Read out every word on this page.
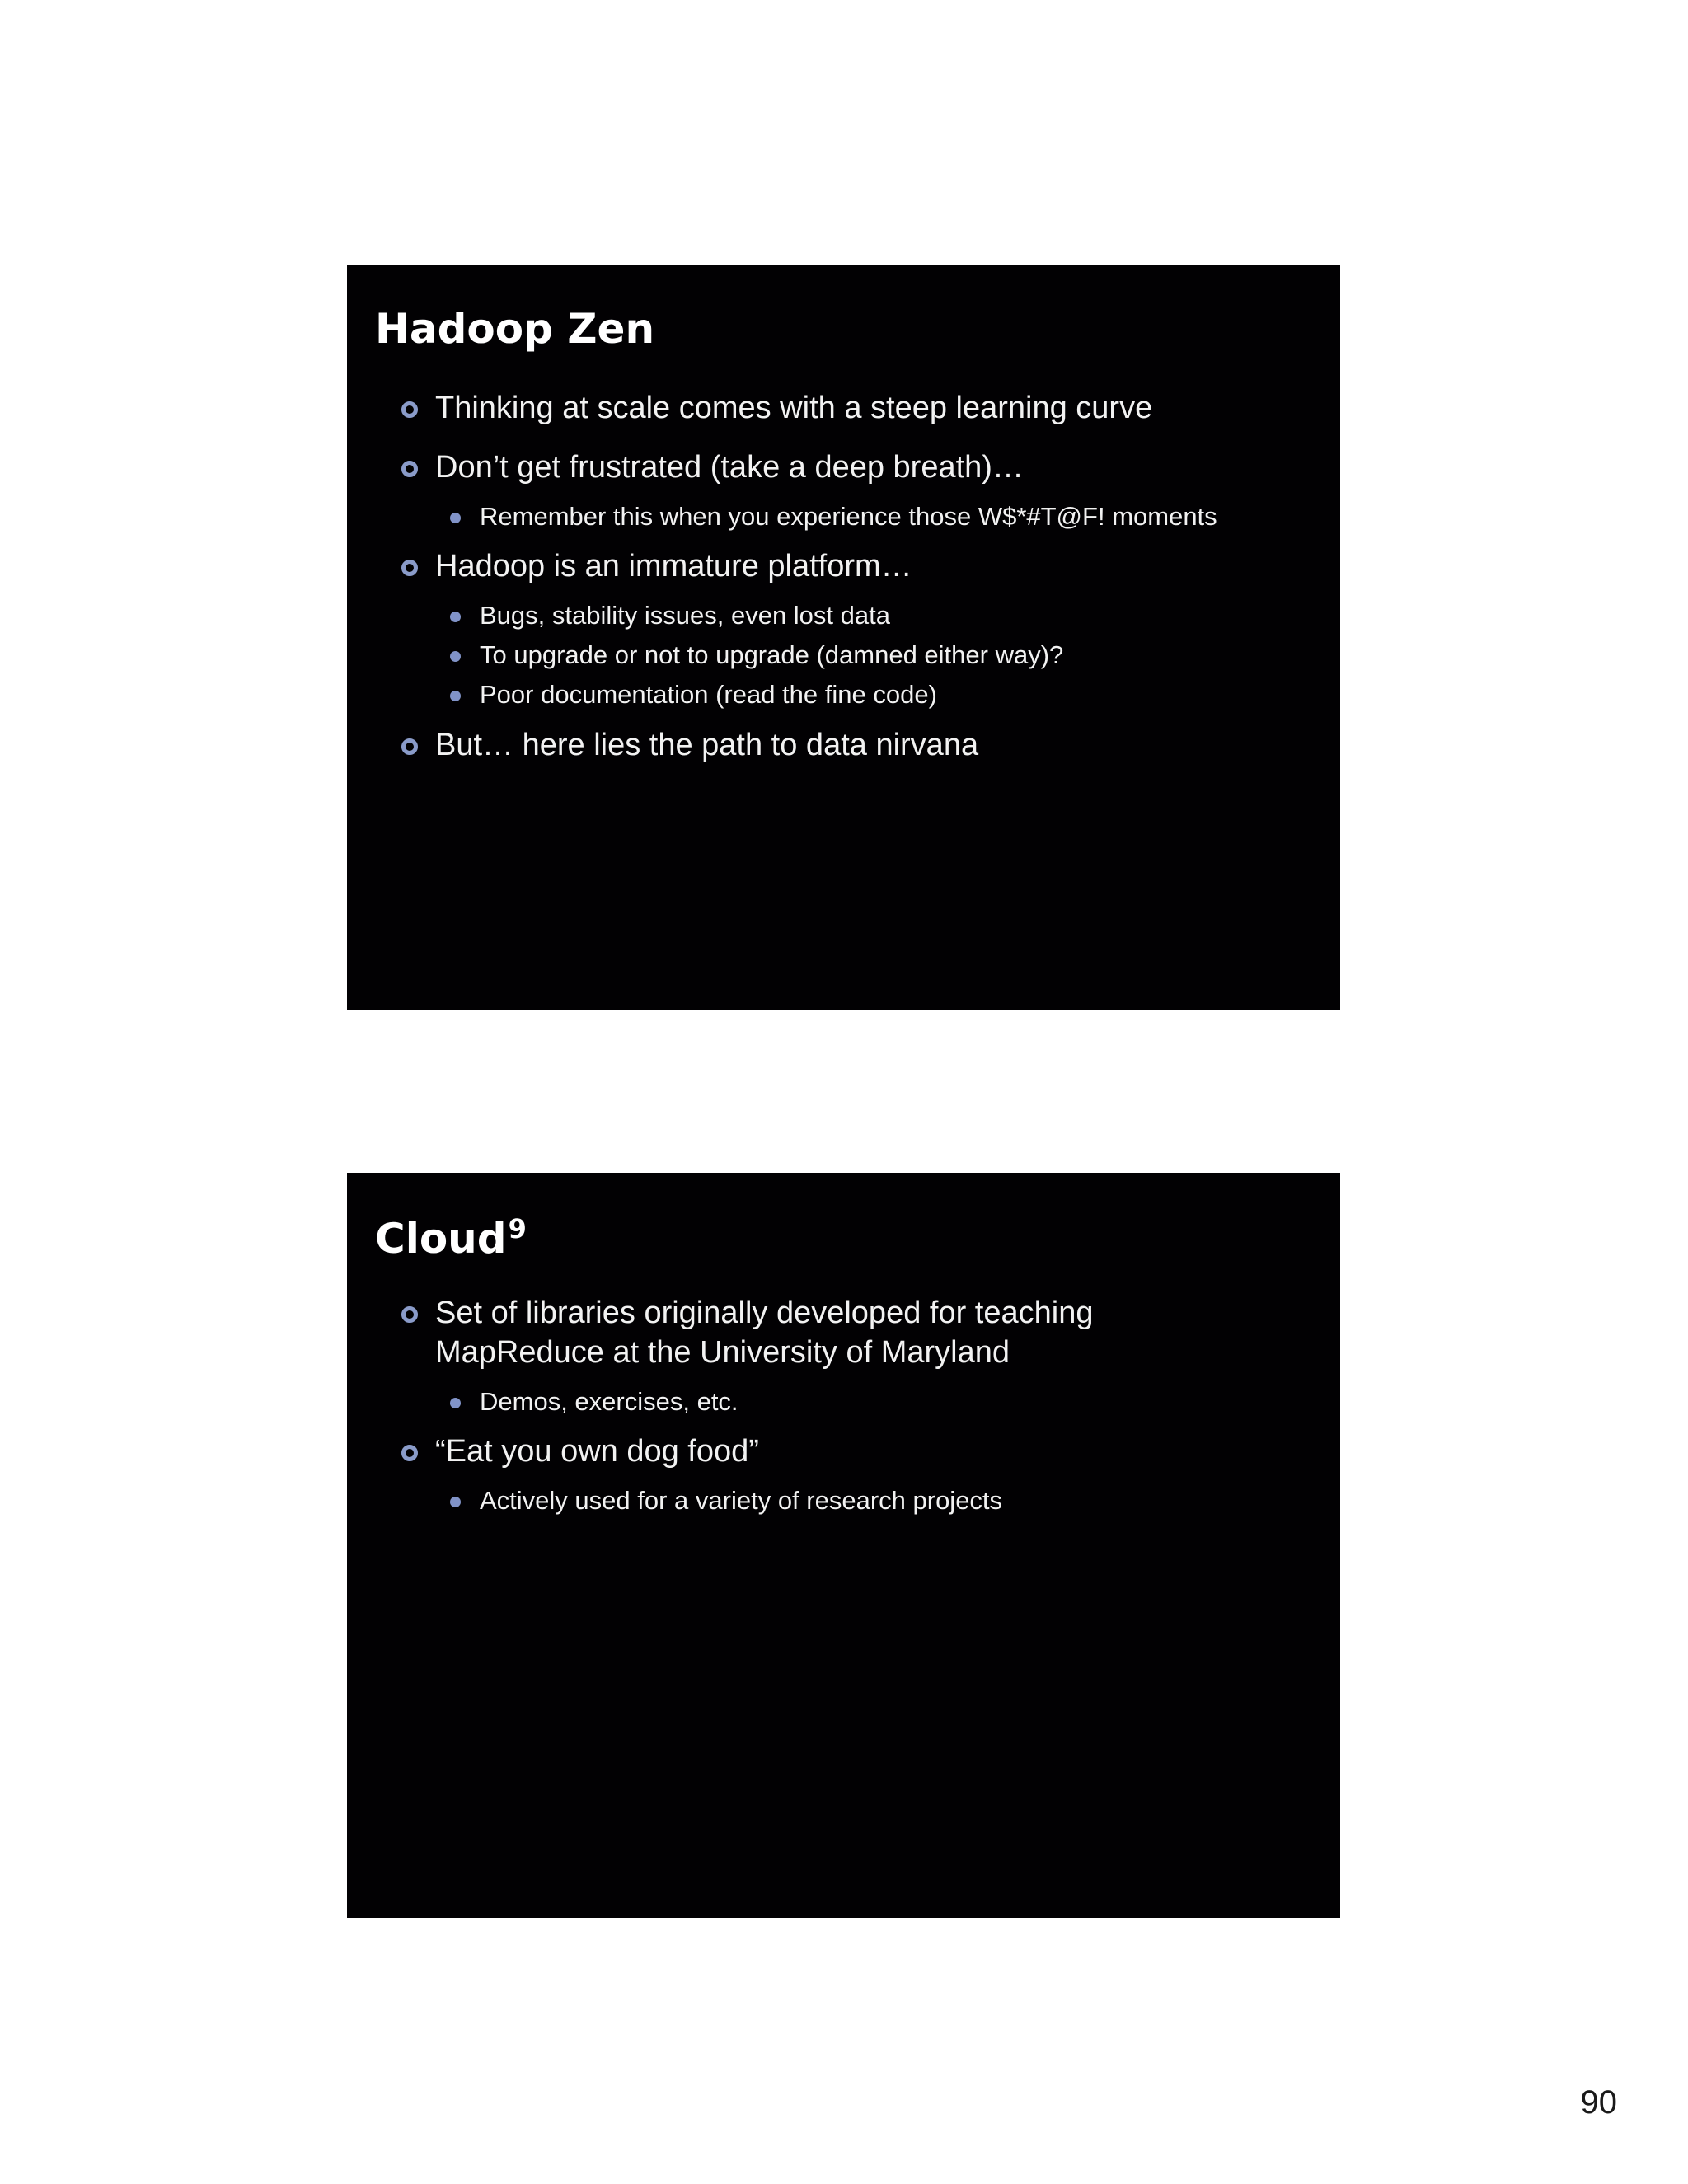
Hadoop Zen
Thinking at scale comes with a steep learning curve
Don’t get frustrated (take a deep breath)…
Remember this when you experience those W$*#T@F! moments
Hadoop is an immature platform…
Bugs, stability issues, even lost data
To upgrade or not to upgrade (damned either way)?
Poor documentation (read the fine code)
But… here lies the path to data nirvana
Cloud$^9$
Set of libraries originally developed for teaching
MapReduce at the University of Maryland
Demos, exercises, etc.
“Eat you own dog food”
Actively used for a variety of research projects
90
